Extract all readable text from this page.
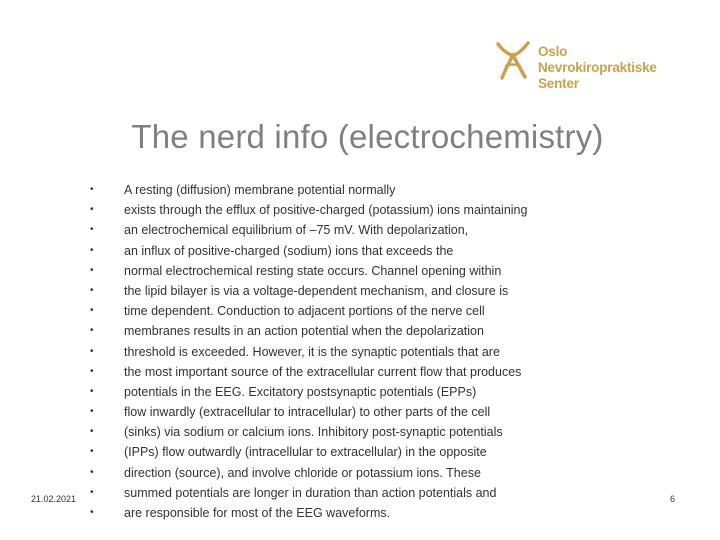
Oslo
Nevrokiropraktiske Senter
The nerd info (electrochemistry)
•	A resting (diffusion) membrane potential normally
•	exists through the efflux of positive-charged (potassium) ions maintaining
•	an electrochemical equilibrium of –75 mV. With depolarization,
•	an influx of positive-charged (sodium) ions that exceeds the
•	normal electrochemical resting state occurs. Channel opening within
•	the lipid bilayer is via a voltage-dependent mechanism, and closure is
•	time dependent. Conduction to adjacent portions of the nerve cell
•	membranes results in an action potential when the depolarization
•	threshold is exceeded. However, it is the synaptic potentials that are
•	the most important source of the extracellular current flow that produces
•	potentials in the EEG. Excitatory postsynaptic potentials (EPPs)
•	flow inwardly (extracellular to intracellular) to other parts of the cell
•	(sinks) via sodium or calcium ions. Inhibitory post-synaptic potentials
•	(IPPs) flow outwardly (intracellular to extracellular) in the opposite
•	direction (source), and involve chloride or potassium ions. These
•	summed potentials are longer in duration than action potentials and
•	are responsible for most of the EEG waveforms.
21.02.2021	6
